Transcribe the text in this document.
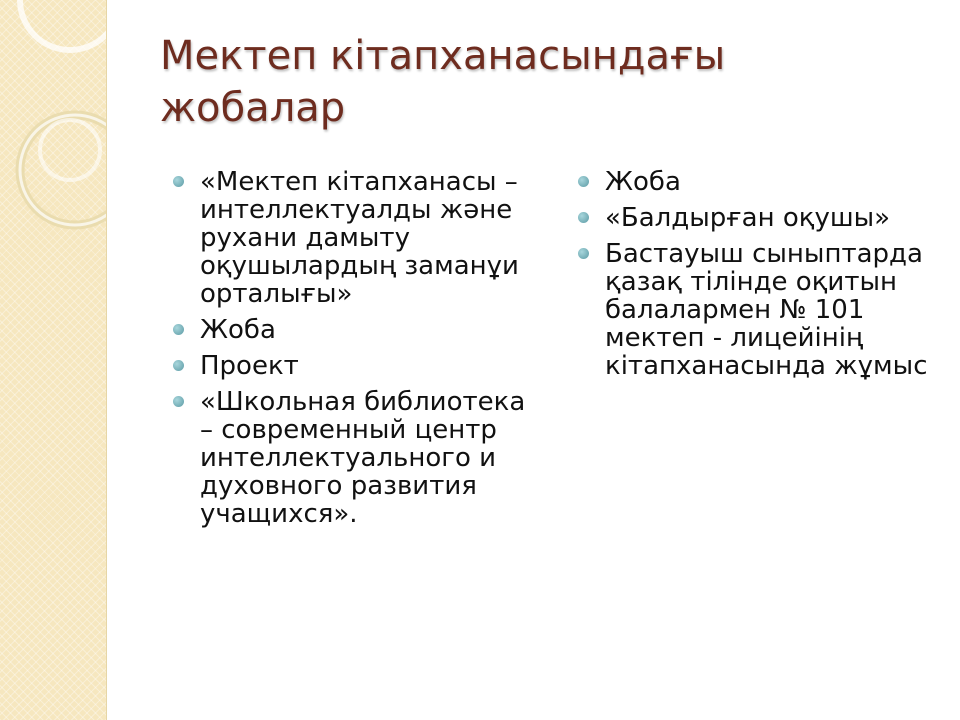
Мектеп кітапханасындағы
жобалар
«Мектеп кітапханасы – интеллектуалды және рухани дамыту оқушылардың заманұи орталығы»
Жоба
Проект
«Школьная библиотека – современный центр интеллектуального и духовного развития учащихся».
Жоба
«Балдырған оқушы»
Бастауыш сыныптарда қазақ тілінде оқитын балалармен № 101 мектеп - лицейінің кітапханасында жұмыс
